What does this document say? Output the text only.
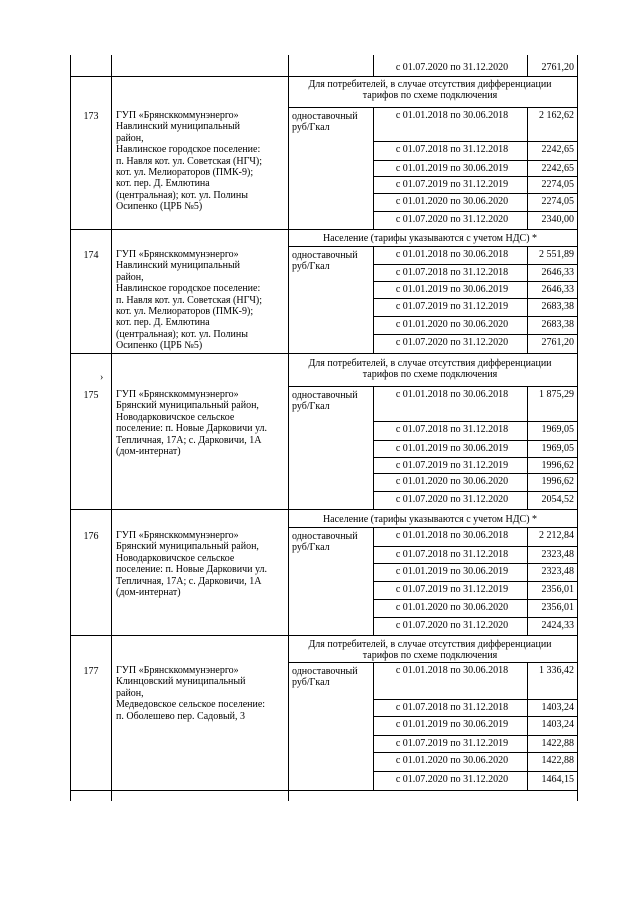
с 01.07.2020 по 31.12.2020	2761,20
Для потребителей, в случае отсутствия дифференциации
тарифов по схеме подключения
173	ГУП «Брянсккоммунэнерго»
Навлинский муниципальный
район,
Навлинское городское поселение:
п. Навля кот. ул. Советская (НГЧ);
кот. ул. Мелиораторов (ПМК-9);
кот. пер. Д. Емлютина
(центральная); кот. ул. Полины
Осипенко (ЦРБ №5)
одноставочный
руб/Гкал
с 01.01.2018 по 30.06.2018	2 162,62
с 01.07.2018 по 31.12.2018	2242,65
с 01.01.2019 по 30.06.2019	2242,65
с 01.07.2019 по 31.12.2019	2274,05
с 01.01.2020 по 30.06.2020	2274,05
с 01.07.2020 по 31.12.2020	2340,00
Население (тарифы указываются с учетом НДС) *
174	ГУП «Брянсккоммунэнерго»
Навлинский муниципальный
район,
Навлинское городское поселение:
п. Навля кот. ул. Советская (НГЧ);
кот. ул. Мелиораторов (ПМК-9);
кот. пер. Д. Емлютина
(центральная); кот. ул. Полины
Осипенко (ЦРБ №5)
одноставочный
руб/Гкал
с 01.01.2018 по 30.06.2018	2 551,89
с 01.07.2018 по 31.12.2018	2646,33
с 01.01.2019 по 30.06.2019	2646,33
с 01.07.2019 по 31.12.2019	2683,38
с 01.01.2020 по 30.06.2020	2683,38
с 01.07.2020 по 31.12.2020	2761,20
Для потребителей, в случае отсутствия дифференциации
тарифов по схеме подключения
175	ГУП «Брянсккоммунэнерго»
Брянский муниципальный район,
Новодарковичское сельское
поселение: п. Новые Дарковичи ул.
Тепличная, 17А; с. Дарковичи, 1А
(дом-интернат)
одноставочный
руб/Гкал
с 01.01.2018 по 30.06.2018	1 875,29
с 01.07.2018 по 31.12.2018	1969,05
с 01.01.2019 по 30.06.2019	1969,05
с 01.07.2019 по 31.12.2019	1996,62
с 01.01.2020 по 30.06.2020	1996,62
с 01.07.2020 по 31.12.2020	2054,52
Население (тарифы указываются с учетом НДС) *
176	ГУП «Брянсккоммунэнерго»
Брянский муниципальный район,
Новодарковичское сельское
поселение: п. Новые Дарковичи ул.
Тепличная, 17А; с. Дарковичи, 1А
(дом-интернат)
одноставочный
руб/Гкал
с 01.01.2018 по 30.06.2018	2 212,84
с 01.07.2018 по 31.12.2018	2323,48
с 01.01.2019 по 30.06.2019	2323,48
с 01.07.2019 по 31.12.2019	2356,01
с 01.01.2020 по 30.06.2020	2356,01
с 01.07.2020 по 31.12.2020	2424,33
Для потребителей, в случае отсутствия дифференциации
тарифов по схеме подключения
177	ГУП «Брянсккоммунэнерго»
Клинцовский муниципальный
район,
Медведовское сельское поселение:
п. Оболешево пер. Садовый, 3
одноставочный
руб/Гкал
с 01.01.2018 по 30.06.2018	1 336,42
с 01.07.2018 по 31.12.2018	1403,24
с 01.01.2019 по 30.06.2019	1403,24
с 01.07.2019 по 31.12.2019	1422,88
с 01.01.2020 по 30.06.2020	1422,88
с 01.07.2020 по 31.12.2020	1464,15
›
